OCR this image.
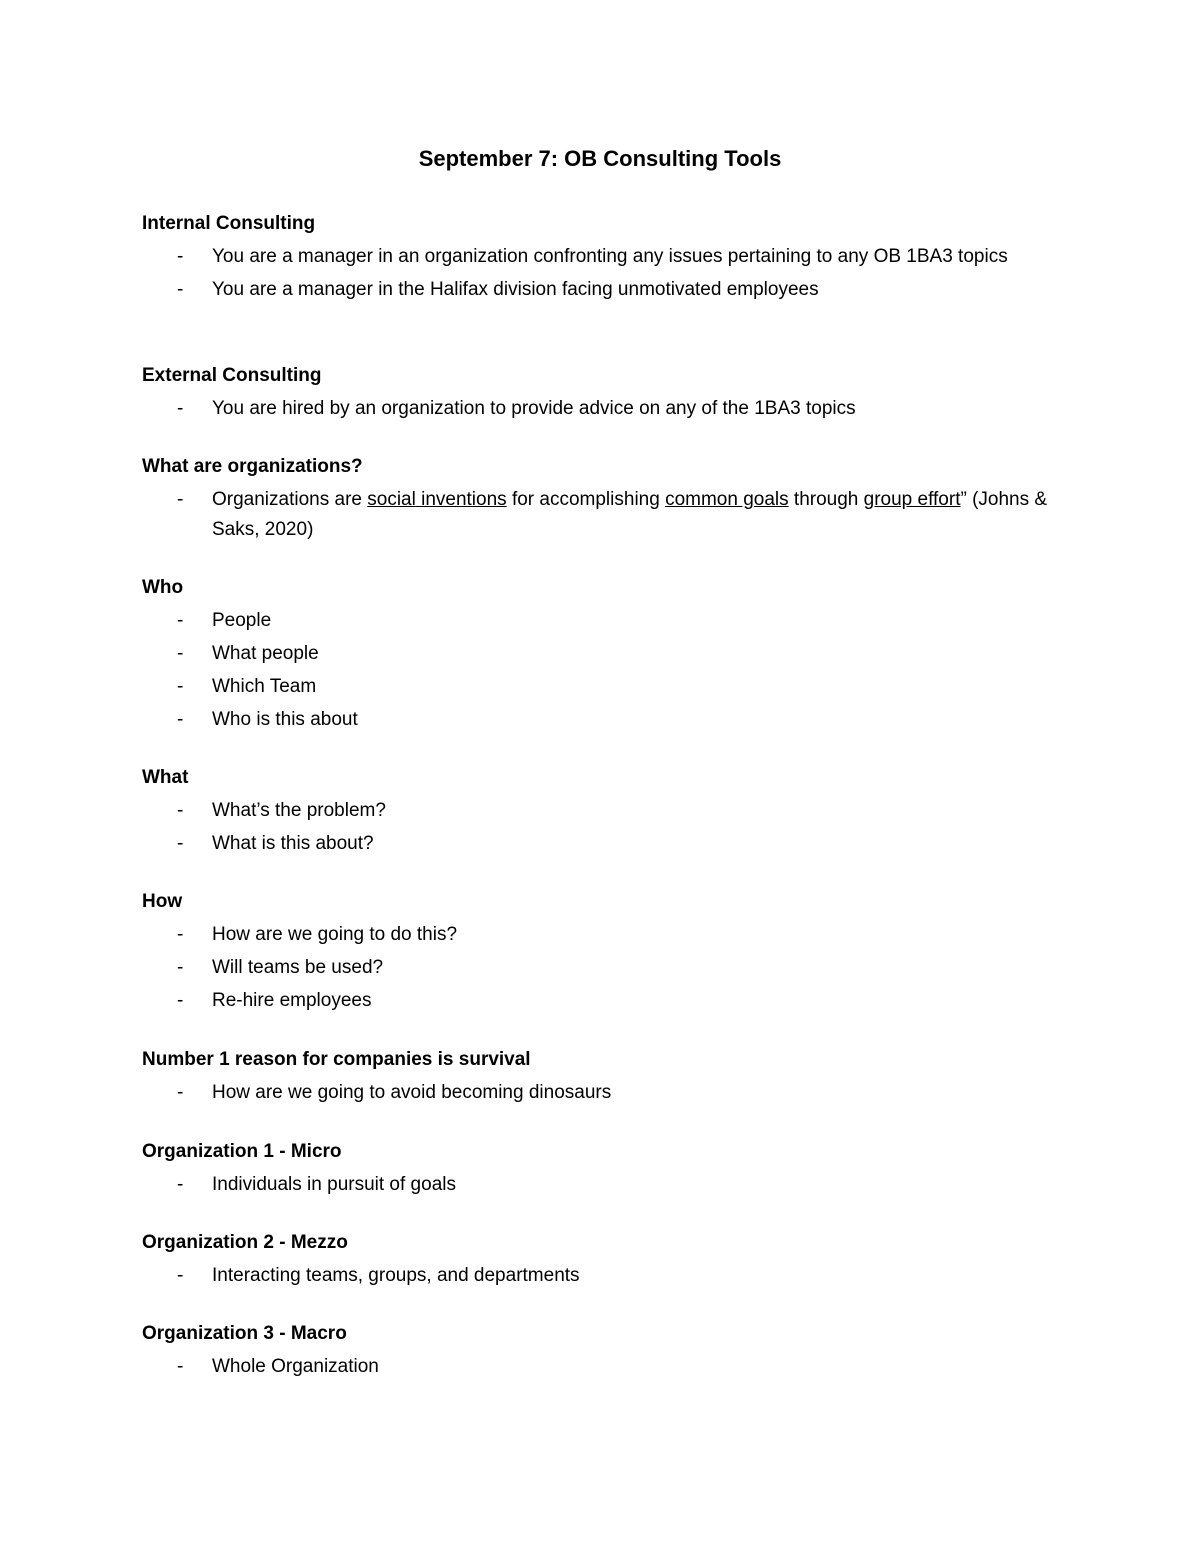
September 7: OB Consulting Tools

Internal Consulting

-	You are a manager in an organization confronting any issues pertaining to any OB 1BA3 topics
-	You are a manager in the Halifax division facing unmotivated employees

External Consulting

-	You are hired by an organization to provide advice on any of the 1BA3 topics

What are organizations?

-	Organizations are social inventions for accomplishing common goals through group effort” (Johns & Saks, 2020)

Who

-	People
-	What people
-	Which Team
-	Who is this about

What

-	What’s the problem?
-	What is this about?

How

-	How are we going to do this?
-	Will teams be used?
-	Re-hire employees

Number 1 reason for companies is survival

-	How are we going to avoid becoming dinosaurs

Organization 1 - Micro

-	Individuals in pursuit of goals

Organization 2 - Mezzo

-	Interacting teams, groups, and departments

Organization 3 - Macro

-	Whole Organization
